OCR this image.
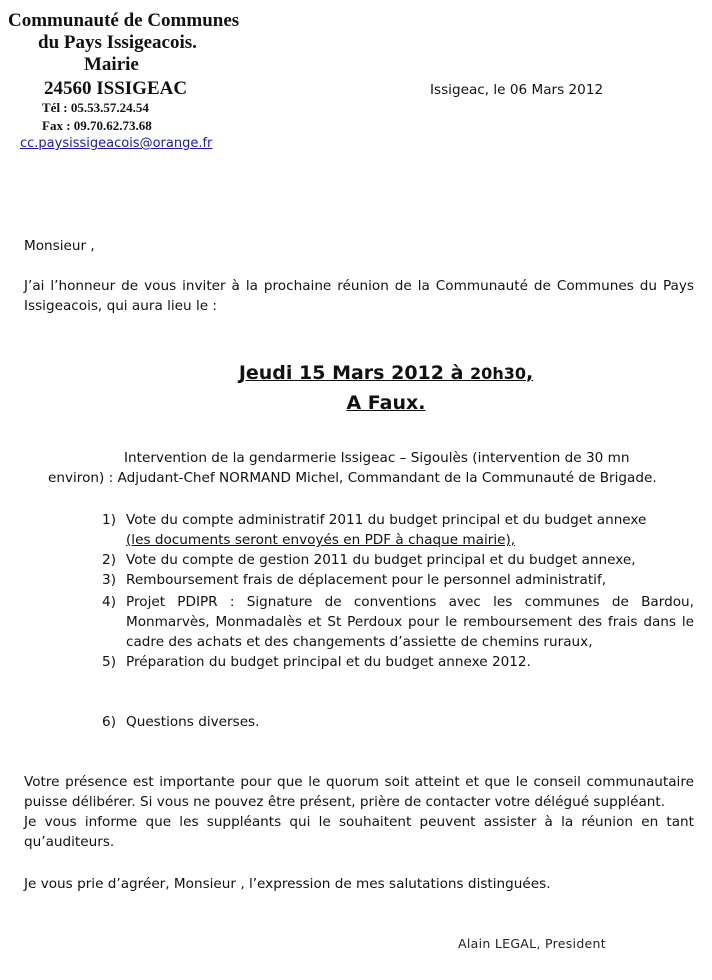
Communauté de Communes
du Pays Issigeacois.
Mairie
24560 ISSIGEAC
Tél : 05.53.57.24.54
Fax : 09.70.62.73.68
cc.paysissigeacois@orange.fr
Issigeac, le 06 Mars 2012
Monsieur ,
J’ai l’honneur de vous inviter à la prochaine réunion de la Communauté de Communes du Pays
Issigeacois, qui aura lieu le :
Jeudi 15 Mars 2012 à 20h30,
A Faux.
Intervention de la gendarmerie Issigeac – Sigoulès (intervention de 30 mn
environ) : Adjudant-Chef NORMAND Michel, Commandant de la Communauté de Brigade.
1) Vote du compte administratif 2011 du budget principal et du budget annexe
(les documents seront envoyés en PDF à chaque mairie),
2) Vote du compte de gestion 2011 du budget principal et du budget annexe,
3) Remboursement frais de déplacement pour le personnel administratif,
4) Projet PDIPR : Signature de conventions avec les communes de Bardou,
Monmarvès, Monmadalès et St Perdoux pour le remboursement des frais dans le
cadre des achats et des changements d’assiette de chemins ruraux,
5) Préparation du budget principal et du budget annexe 2012.
6) Questions diverses.
Votre présence est importante pour que le quorum soit atteint et que le conseil communautaire
puisse délibérer. Si vous ne pouvez être présent, prière de contacter votre délégué suppléant.
Je vous informe que les suppléants qui le souhaitent peuvent assister à la réunion en tant
qu’auditeurs.
Je vous prie d’agréer, Monsieur , l’expression de mes salutations distinguées.
Alain LEGAL, President
